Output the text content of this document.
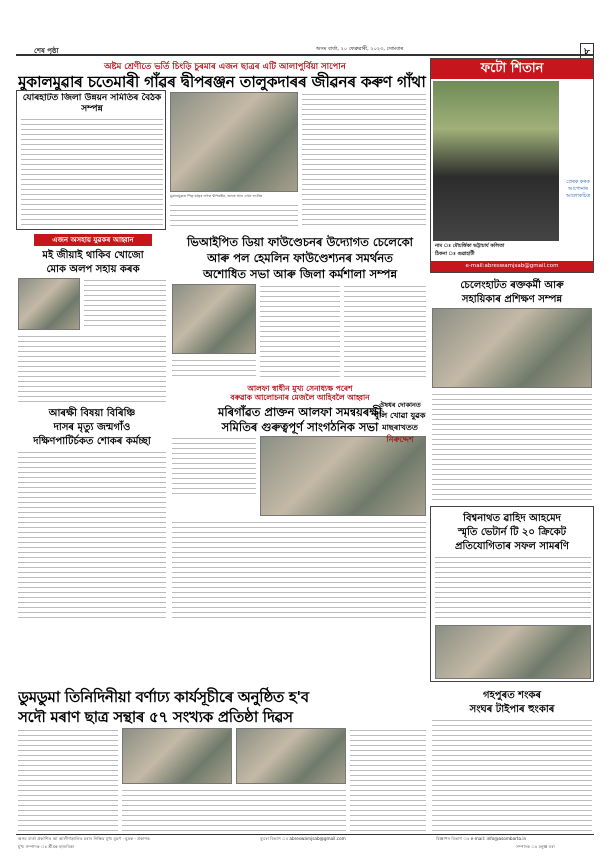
শেষ পৃষ্ঠা	অসম বাৰ্তা, ২০ ফেব্ৰুৱাৰী, ২০২৩, সোমবাৰ	৮
অষ্টম শ্ৰেণীতে ভৰ্তি চিংড়ি চুৰমাৰ এজন ছাত্ৰৰ এটি আলাপুৰ্বিয়া সাপোন
মুকালমুৱাৰ চতেমাৰী গাঁৱৰ দ্বীপৰঞ্জন তালুকদাৰৰ জীৱনৰ কৰুণ গাঁথা
ফটো শিতান
প্ৰেৰক কৰক আপোনাৰ আলোকচিত্ৰ
নাম ঃ মৌচৰ্ত্তিকা ভট্টাচাৰ্য কলিতা
ঠিকনা ঃ গুৱাহাটী
e-mail:abreswamjsab@gmail.com
যোৰহাটত জিলা উন্নয়ন সমিতিৰ বৈঠক সম্পন্ন
মুকালমুৱাত পিতৃ-মাতৃৰ লগত দ্বীপৰঞ্জন, তলত আন এখন ফটোত
এজন অসহায় যুৱকৰ আহ্বান
মই জীয়াই থাকিব খোজো
মোক অলপ সহায় কৰক
ভিআইপিত ডিয়া ফাউণ্ডেচনৰ উদ্যোগত চেলেকো
আৰু পল হেমলিন ফাউণ্ডেশ্যনৰ সমৰ্থনত
অশোধিত সভা আৰু জিলা কৰ্মশালা সম্পন্ন
চেলেংহাটত ৰক্তকৰ্মী আৰু
সহায়িকাৰ প্ৰশিক্ষণ সম্পন্ন
আলফা স্বাধীন মুখ্য সেনাধ্যক্ষ পৰেশ
বৰুৱাক আলোচনাৰ মেজলৈ আহিবলৈ আহ্বান
মৰিগাঁৱত প্ৰাক্তন আলফা সমন্বয়ৰক্ষী
সমিতিৰ গুৰুত্বপূৰ্ণ সাংগঠনিক সভা
ঔষধৰ দোকানত
বুলি খোৱা যুৱক
মাছৰাখতত
নিৰুদ্দেশ
আৰক্ষী বিষয়া বিৰিঞ্চি
দাসৰ মৃত্যু জন্মগাঁও
দক্ষিণপাটিৰ্চকত শোকৰ কৰ্মচ্ছা
বিশ্বনাথত ৱাহিদ আহমেদ
স্মৃতি ভেটাৰ্ন টি ২০ ক্ৰিকেট
প্ৰতিযোগিতাৰ সফল সামৰণি
ডুমডুমা তিনিদিনীয়া বৰ্ণাঢ্য কাৰ্যসূচীৰে অনুষ্ঠিত হ'ব
সদৌ মৰাণ ছাত্ৰ সন্থাৰ ৫৭ সংখ্যক প্ৰতিষ্ঠা দিৱস
গহপুৰত শংকৰ
সংঘৰ টাইপাৰ হুংকাৰ
অসম বাৰ্তা প্ৰকাশিত আ আলীৰ্গড়ালিত মৰাৰ নিষ্ক্ৰিয় মুখ্য মুদ্ৰণ · মুদ্ৰক · প্ৰকাশক	ব্যুৰো বিভাগ ঃ abreswamjsab@gmail.com	বিজ্ঞাপন বিভাগ ঃ e-mail: info@asombarta.in
মুখ্য সম্পাদক ঃ শ্ৰীমন্ত হাজৰিকা	সম্পাদক ঃ মনুজ্ঞ বৰা
